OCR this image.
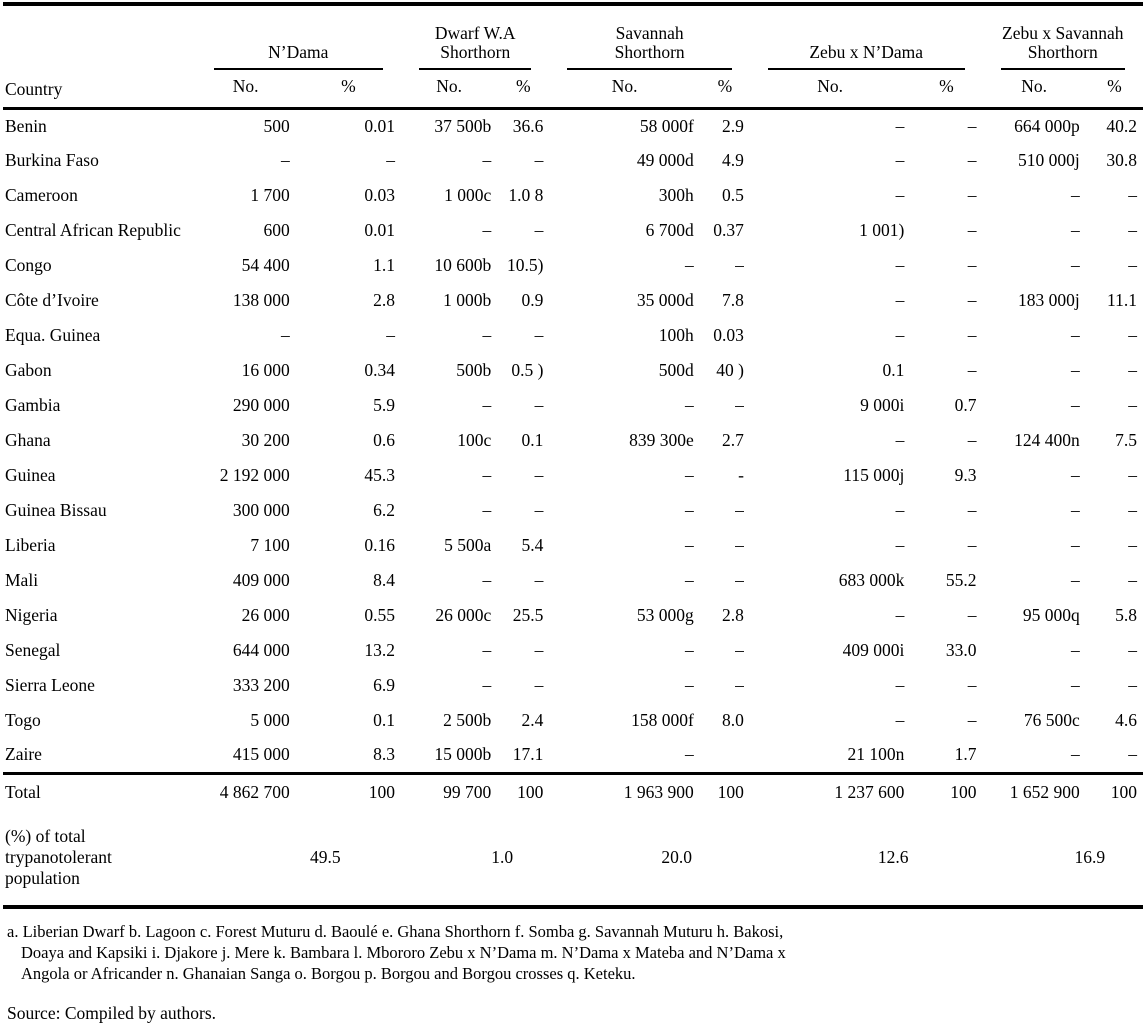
Country	N’Dama		Dwarf W.A Shorthorn		Savannah Shorthorn		Zebu x N’Dama		Zebu x Savannah Shorthorn	

	No.	%	No.	%	No.	%	No.	%	No.	%
Benin	500	0.01	37 500b	36.6	58 000f	2.9	–	–	664 000p	40.2
Burkina Faso	–	–	–	–	49 000d	4.9	–	–	510 000j	30.8
Cameroon	1 700	0.03	1 000c	1.0 8	300h	0.5	–	–	–	–
Central African Republic	600	0.01	–	–	6 700d	0.37	1 001)	–	–	–
Congo	54 400	1.1	10 600b	10.5)	–	–	–	–	–	–
Côte d’Ivoire	138 000	2.8	1 000b	0.9	35 000d	7.8	–	–	183 000j	11.1
Equa. Guinea	–	–	–	–	100h	0.03	–	–	–	–
Gabon	16 000	0.34	500b	0.5 )	500d	40 )	0.1	–	–	–
Gambia	290 000	5.9	–	–	–	–	9 000i	0.7	–	–
Ghana	30 200	0.6	100c	0.1	839 300e	2.7	–	–	124 400n	7.5
Guinea	2 192 000	45.3	–	–	–	-	115 000j	9.3	–	–
Guinea Bissau	300 000	6.2	–	–	–	–	–	–	–	–
Liberia	7 100	0.16	5 500a	5.4	–	–	–	–	–	–
Mali	409 000	8.4	–	–	–	–	683 000k	55.2	–	–
Nigeria	26 000	0.55	26 000c	25.5	53 000g	2.8	–	–	95 000q	5.8
Senegal	644 000	13.2	–	–	–	–	409 000i	33.0	–	–
Sierra Leone	333 200	6.9	–	–	–	–	–	–	–	–
Togo	5 000	0.1	2 500b	2.4	158 000f	8.0	–	–	76 500c	4.6
Zaire	415 000	8.3	15 000b	17.1	–		21 100n	1.7	–	–
Total	4 862 700	100	99 700	100	1 963 900	100	1 237 600	100	1 652 900	100
(%) of total trypanotolerant population	49.5		1.0		20.0		12.6		16.9	
a. Liberian Dwarf b. Lagoon c. Forest Muturu d. Baoulé e. Ghana Shorthorn f. Somba g. Savannah Muturu h. Bakosi,
Doaya and Kapsiki i. Djakore j. Mere k. Bambara l. Mbororo Zebu x N’Dama m. N’Dama x Mateba and N’Dama x
Angola or Africander n. Ghanaian Sanga o. Borgou p. Borgou and Borgou crosses q. Keteku.
Source: Compiled by authors.
